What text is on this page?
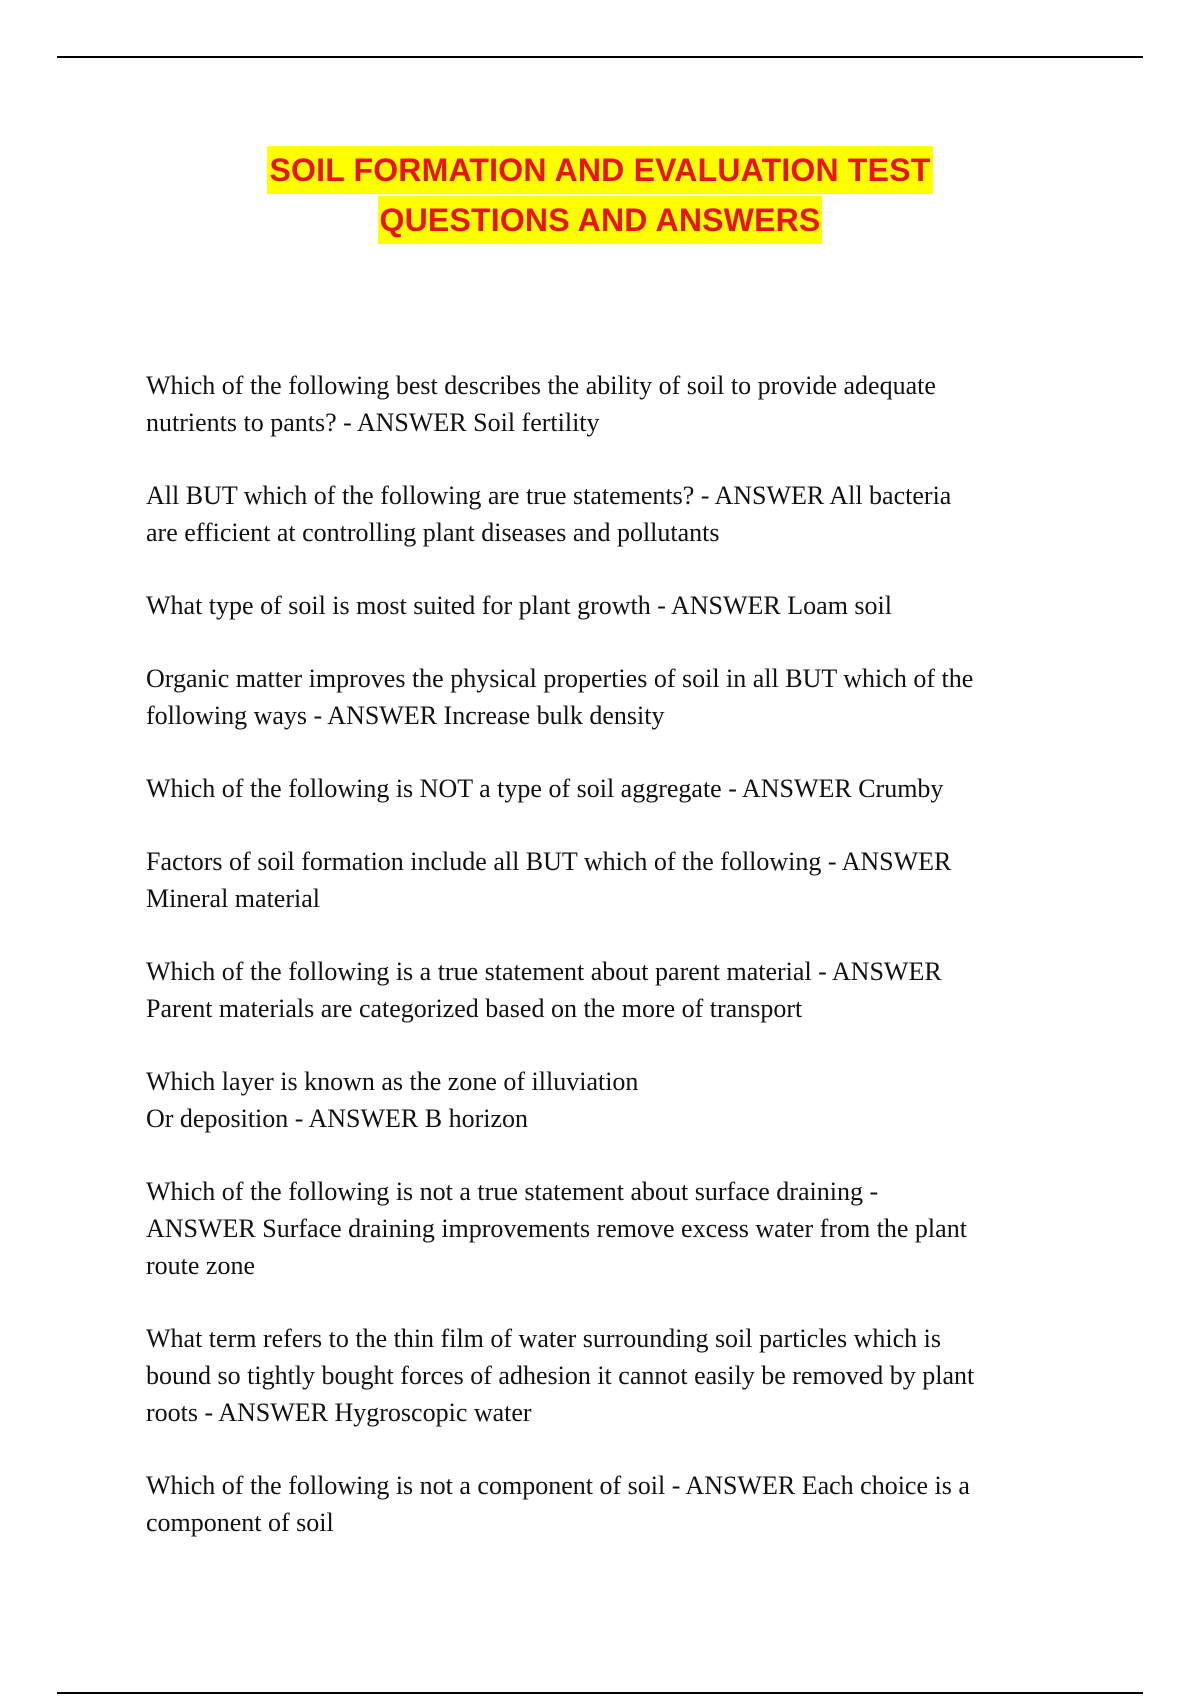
SOIL FORMATION AND EVALUATION TEST
QUESTIONS AND ANSWERS

Which of the following best describes the ability of soil to provide adequate
nutrients to pants? - ANSWER Soil fertility

All BUT which of the following are true statements? - ANSWER All bacteria
are efficient at controlling plant diseases and pollutants

What type of soil is most suited for plant growth - ANSWER Loam soil

Organic matter improves the physical properties of soil in all BUT which of the
following ways - ANSWER Increase bulk density

Which of the following is NOT a type of soil aggregate - ANSWER Crumby

Factors of soil formation include all BUT which of the following - ANSWER
Mineral material

Which of the following is a true statement about parent material - ANSWER
Parent materials are categorized based on the more of transport

Which layer is known as the zone of illuviation
Or deposition - ANSWER B horizon

Which of the following is not a true statement about surface draining -
ANSWER Surface draining improvements remove excess water from the plant
route zone

What term refers to the thin film of water surrounding soil particles which is
bound so tightly bought forces of adhesion it cannot easily be removed by plant
roots - ANSWER Hygroscopic water

Which of the following is not a component of soil - ANSWER Each choice is a
component of soil
